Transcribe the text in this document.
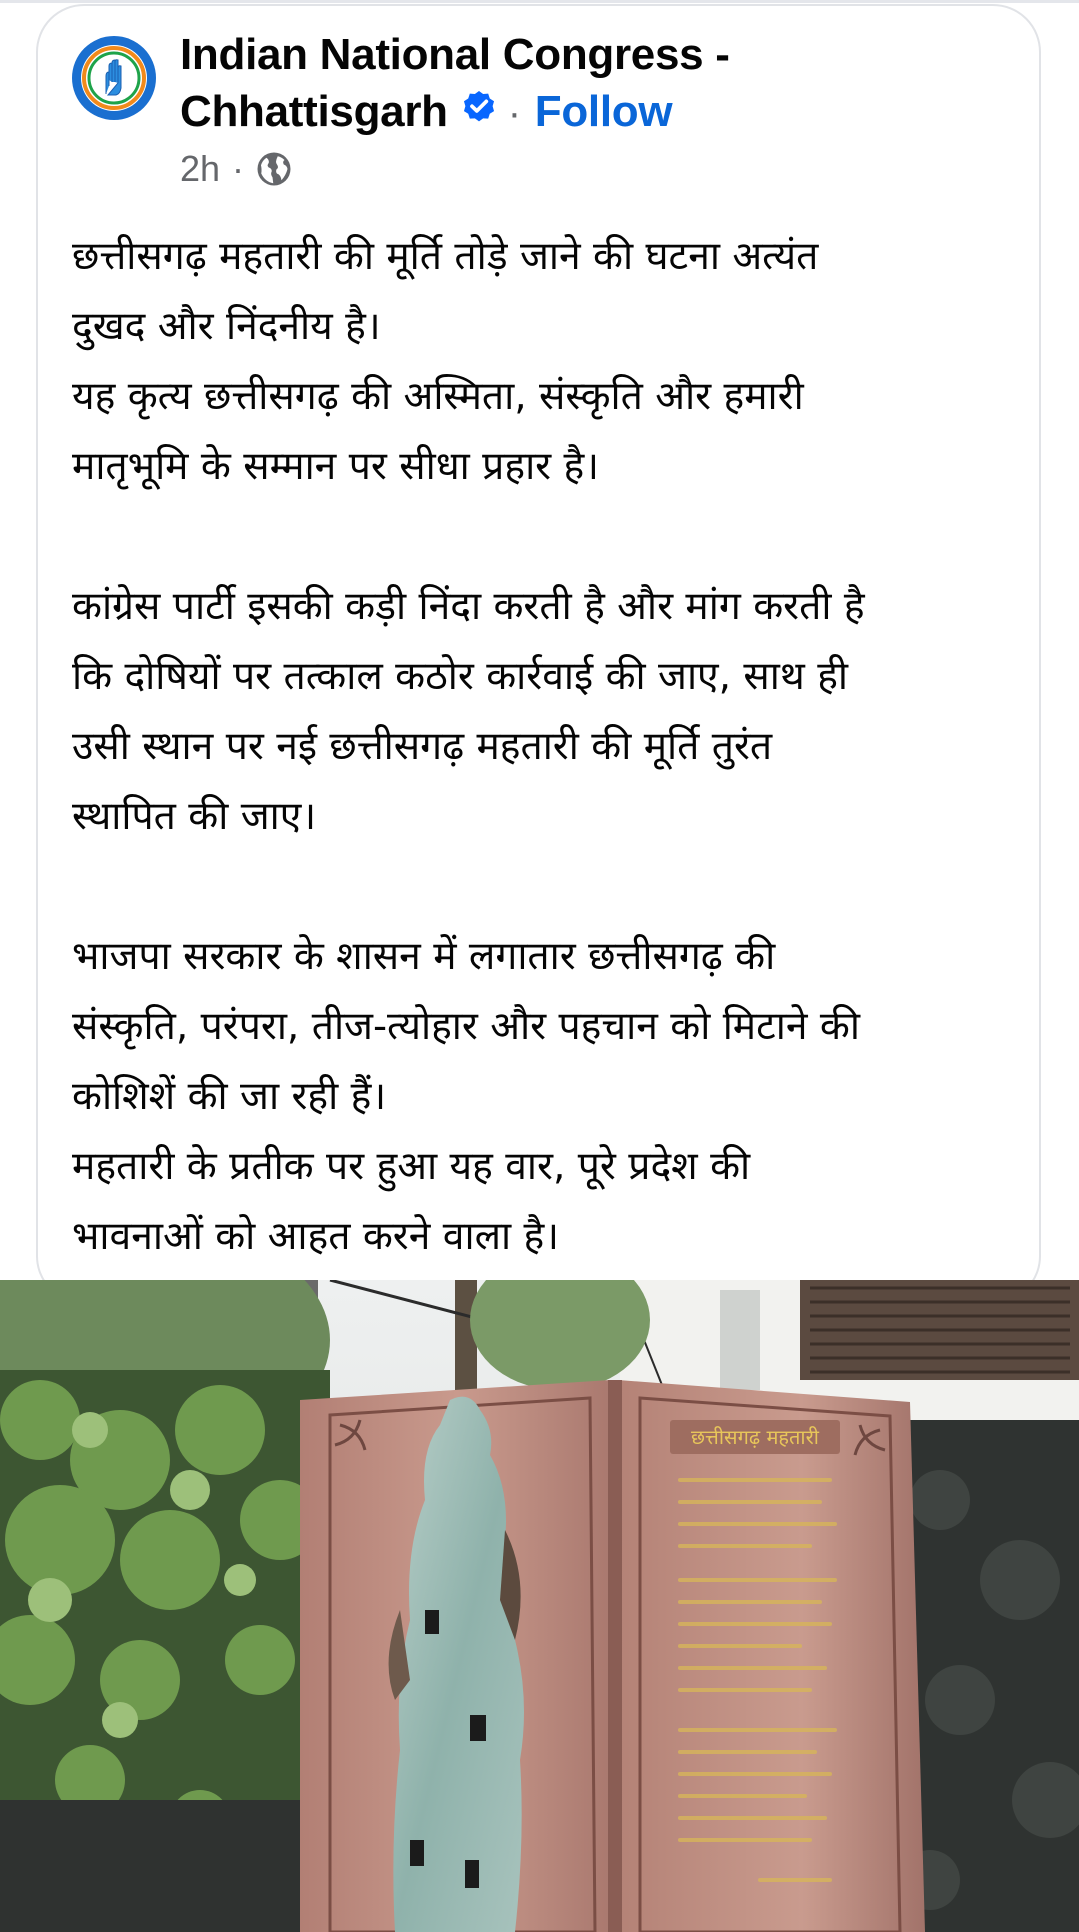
Indian National Congress -
Chhattisgarh · Follow
2h ·

छत्तीसगढ़ महतारी की मूर्ति तोड़े जाने की घटना अत्यंत

दुखद और निंदनीय है।

यह कृत्य छत्तीसगढ़ की अस्मिता, संस्कृति और हमारी

मातृभूमि के सम्मान पर सीधा प्रहार है।

कांग्रेस पार्टी इसकी कड़ी निंदा करती है और मांग करती है

कि दोषियों पर तत्काल कठोर कार्रवाई की जाए, साथ ही

उसी स्थान पर नई छत्तीसगढ़ महतारी की मूर्ति तुरंत

स्थापित की जाए।

भाजपा सरकार के शासन में लगातार छत्तीसगढ़ की

संस्कृति, परंपरा, तीज-त्योहार और पहचान को मिटाने की

कोशिशें की जा रही हैं।

महतारी के प्रतीक पर हुआ यह वार, पूरे प्रदेश की

भावनाओं को आहत करने वाला है।

छत्तीसगढ़ महतारी
